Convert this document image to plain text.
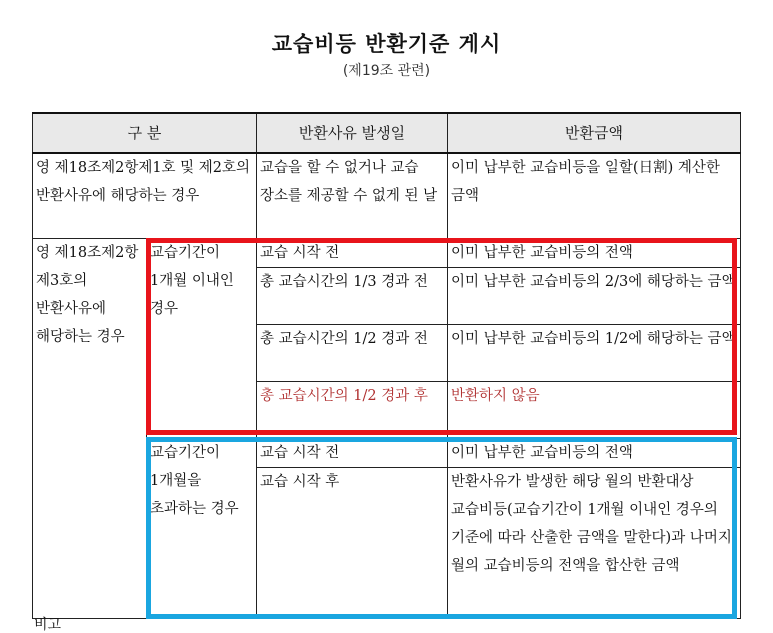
교습비등 반환기준 게시
(제19조 관련)
구 분		반환사유 발생일	반환금액
영 제18조제2항제1호 및 제2호의 반환사유에 해당하는 경우		교습을 할 수 없거나 교습 장소를 제공할 수 없게 된 날	이미 납부한 교습비등을 일할(日割) 계산한 금액
영 제18조제2항 제3호의 반환사유에 해당하는 경우	교습기간이 1개월 이내인 경우	교습 시작 전	이미 납부한 교습비등의 전액
		총 교습시간의 1/3 경과 전	이미 납부한 교습비등의 2/3에 해당하는 금액
		총 교습시간의 1/2 경과 전	이미 납부한 교습비등의 1/2에 해당하는 금액
		총 교습시간의 1/2 경과 후	반환하지 않음
	교습기간이 1개월을 초과하는 경우	교습 시작 전	이미 납부한 교습비등의 전액
		교습 시작 후	반환사유가 발생한 해당 월의 반환대상 교습비등(교습기간이 1개월 이내인 경우의 기준에 따라 산출한 금액을 말한다)과 나머지 월의 교습비등의 전액을 합산한 금액
비고
